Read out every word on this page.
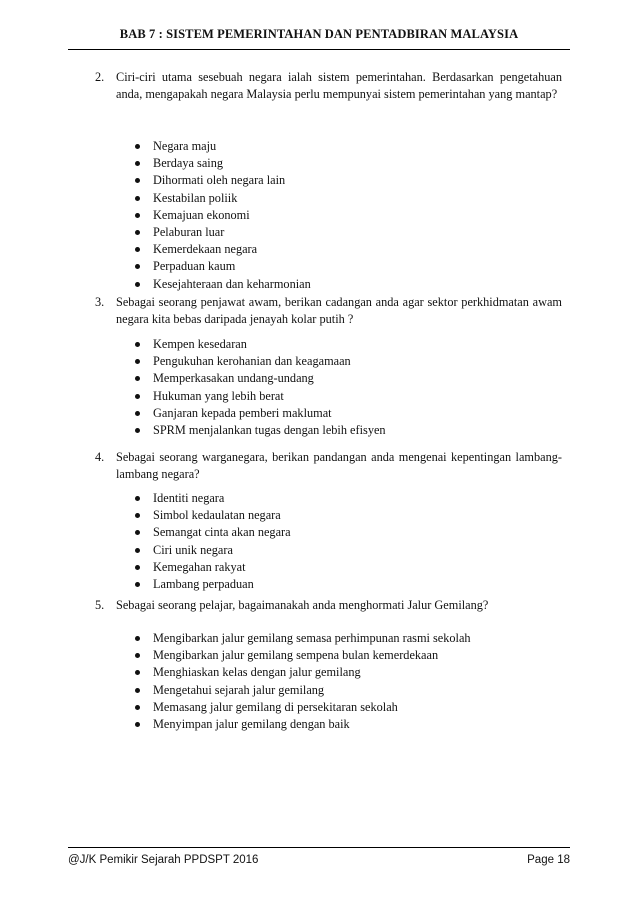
BAB 7 : SISTEM PEMERINTAHAN DAN PENTADBIRAN MALAYSIA
2. Ciri-ciri utama sesebuah negara ialah sistem pemerintahan. Berdasarkan pengetahuan anda, mengapakah negara Malaysia perlu mempunyai sistem pemerintahan yang mantap?
Negara maju
Berdaya saing
Dihormati oleh negara lain
Kestabilan poliik
Kemajuan ekonomi
Pelaburan luar
Kemerdekaan negara
Perpaduan kaum
Kesejahteraan dan keharmonian
3. Sebagai seorang penjawat awam, berikan cadangan anda agar sektor perkhidmatan awam negara kita bebas daripada jenayah kolar putih ?
Kempen kesedaran
Pengukuhan kerohanian dan keagamaan
Memperkasakan undang-undang
Hukuman yang lebih berat
Ganjaran kepada pemberi maklumat
SPRM menjalankan tugas dengan lebih efisyen
4. Sebagai seorang warganegara, berikan pandangan anda mengenai kepentingan lambang-lambang negara?
Identiti negara
Simbol kedaulatan negara
Semangat cinta akan negara
Ciri unik negara
Kemegahan rakyat
Lambang perpaduan
5. Sebagai seorang pelajar, bagaimanakah anda menghormati Jalur Gemilang?
Mengibarkan jalur gemilang semasa perhimpunan rasmi sekolah
Mengibarkan jalur gemilang sempena bulan kemerdekaan
Menghiaskan kelas dengan jalur gemilang
Mengetahui sejarah jalur gemilang
Memasang jalur gemilang di persekitaran sekolah
Menyimpan jalur gemilang dengan baik
@J/K Pemikir Sejarah PPDSPT 2016	Page 18
